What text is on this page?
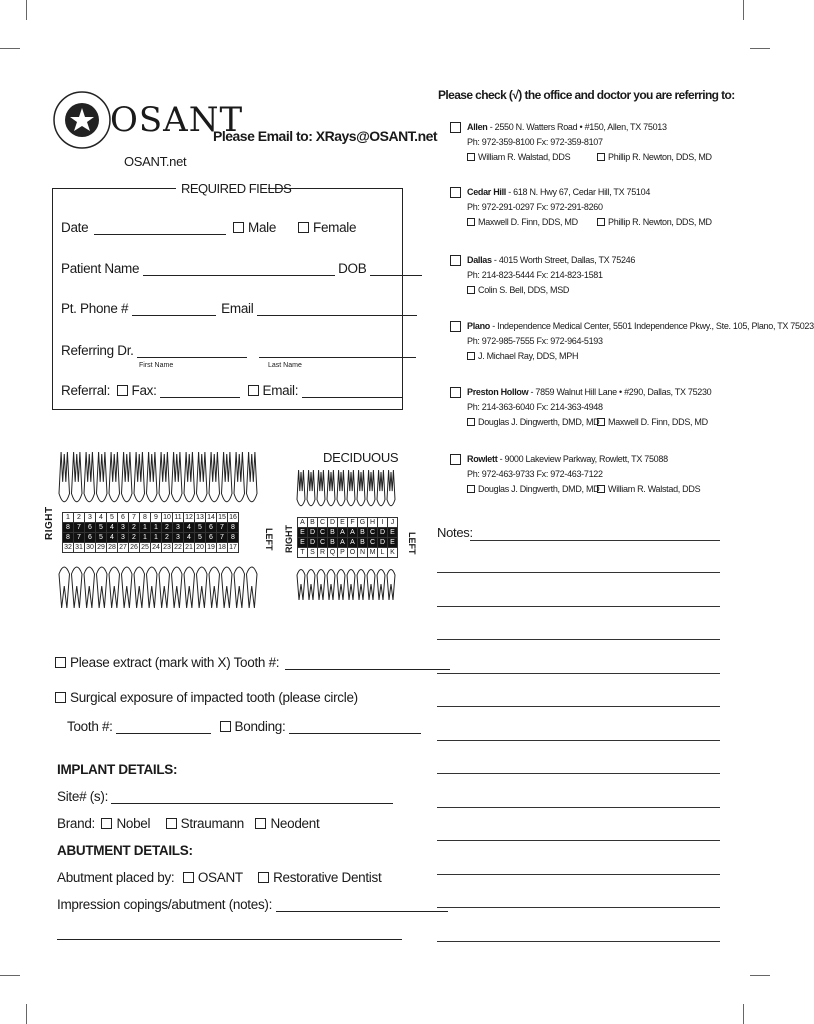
OSANT
OSANT.net
Please Email to: XRays@OSANT.net
REQUIRED FIELDS
Date	Male	Female
Patient Name	DOB
Pt. Phone #	Email
Referring Dr.
First Name	Last Name
Referral: Fax:	Email:
RIGHT	LEFT
1	2	3	4	5	6	7	8	9	10	11	12	13	14	15	16
8	7	6	5	4	3	2	1	1	2	3	4	5	6	7	8
8	7	6	5	4	3	2	1	1	2	3	4	5	6	7	8
32	31	30	29	28	27	26	25	24	23	22	21	20	19	18	17
DECIDUOUS
RIGHT	LEFT
A	B	C	D	E	F	G	H	I	J
E	D	C	B	A	A	B	C	D	E
E	D	C	B	A	A	B	C	D	E
T	S	R	Q	P	O	N	M	L	K
Please extract (mark with X) Tooth #:
Surgical exposure of impacted tooth (please circle)
Tooth #:	Bonding:
IMPLANT DETAILS:
Site# (s):
Brand: Nobel Straumann Neodent
ABUTMENT DETAILS:
Abutment placed by: OSANT Restorative Dentist
Impression copings/abutment (notes):
Please check (√) the office and doctor you are referring to:
Allen - 2550 N. Watters Road • #150, Allen, TX 75013
Ph: 972-359-8100 Fx: 972-359-8107
William R. Walstad, DDS	Phillip R. Newton, DDS, MD
Cedar Hill - 618 N. Hwy 67, Cedar Hill, TX 75104
Ph: 972-291-0297 Fx: 972-291-8260
Maxwell D. Finn, DDS, MD	Phillip R. Newton, DDS, MD
Dallas - 4015 Worth Street, Dallas, TX 75246
Ph: 214-823-5444 Fx: 214-823-1581
Colin S. Bell, DDS, MSD
Plano - Independence Medical Center, 5501 Independence Pkwy., Ste. 105, Plano, TX 75023
Ph: 972-985-7555 Fx: 972-964-5193
J. Michael Ray, DDS, MPH
Preston Hollow - 7859 Walnut Hill Lane • #290, Dallas, TX 75230
Ph: 214-363-6040 Fx: 214-363-4948
Douglas J. Dingwerth, DMD, MD Maxwell D. Finn, DDS, MD
Rowlett - 9000 Lakeview Parkway, Rowlett, TX 75088
Ph: 972-463-9733 Fx: 972-463-7122
Douglas J. Dingwerth, DMD, MD William R. Walstad, DDS
Notes:
